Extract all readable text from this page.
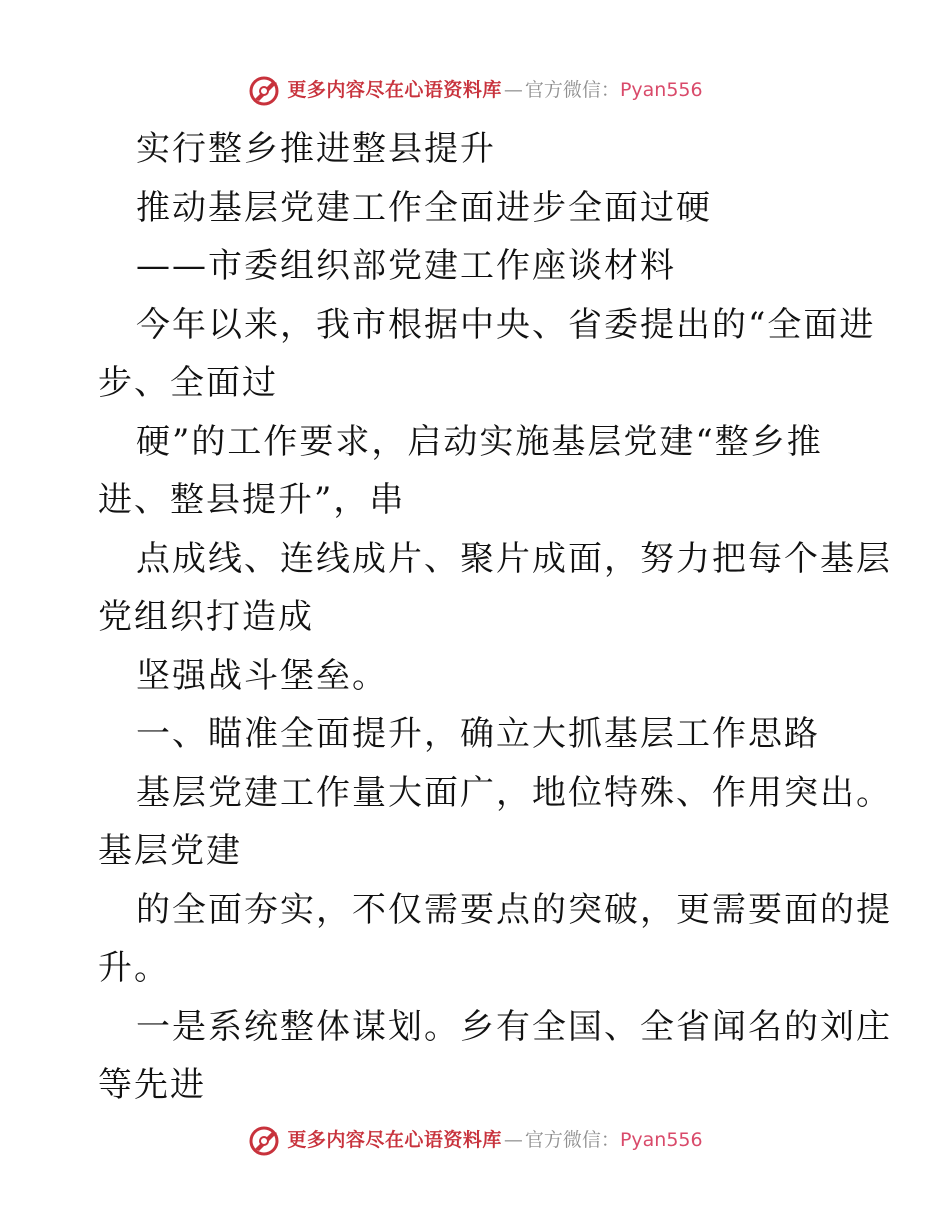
更多内容尽在心语资料库 — 官方微信： Pyan556
实行整乡推进整县提升
推动基层党建工作全面进步全面过硬
——市委组织部党建工作座谈材料
今年以来，我市根据中央、省委提出的“全面进
步、全面过
硬”的工作要求，启动实施基层党建“整乡推
进、整县提升”，串
点成线、连线成片、聚片成面，努力把每个基层
党组织打造成
坚强战斗堡垒。
一、瞄准全面提升，确立大抓基层工作思路
基层党建工作量大面广，地位特殊、作用突出。
基层党建
的全面夯实，不仅需要点的突破，更需要面的提
升。
一是系统整体谋划。乡有全国、全省闻名的刘庄
等先进
更多内容尽在心语资料库 — 官方微信： Pyan556
